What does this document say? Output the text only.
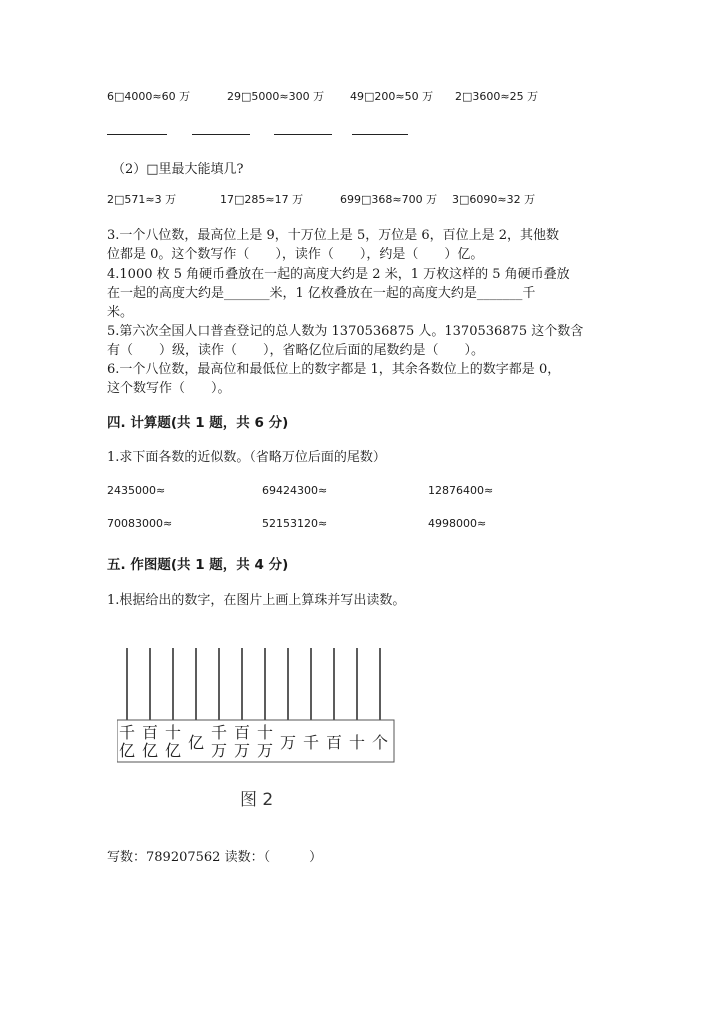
6□4000≈60 万	29□5000≈300 万 49□200≈50 万 2□3600≈25 万
（2）□里最大能填几?
2□571≈3 万	17□285≈17 万	699□368≈700 万 3□6090≈32 万
3.一个八位数，最高位上是 9，十万位上是 5，万位是 6，百位上是 2，其他数
位都是 0。这个数写作（　　），读作（　　），约是（　　）亿。
4.1000 枚 5 角硬币叠放在一起的高度大约是 2 米，1 万枚这样的 5 角硬币叠放
在一起的高度大约是_______米，1 亿枚叠放在一起的高度大约是_______千
米。
5.第六次全国人口普查登记的总人数为 1370536875 人。1370536875 这个数含
有（　　）级，读作（　　），省略亿位后面的尾数约是（　　）。
6.一个八位数，最高位和最低位上的数字都是 1，其余各数位上的数字都是 0，
这个数写作（　　）。
四. 计算题(共 1 题，共 6 分)
1.求下面各数的近似数。（省略万位后面的尾数）
2435000≈	69424300≈	12876400≈
70083000≈	52153120≈	4998000≈
五. 作图题(共 1 题，共 4 分)
1.根据给出的数字，在图片上画上算珠并写出读数。
千
亿
百
亿
十
亿 亿
千
万
百
万
十
万 万 千 百 十 个
图 2
写数：789207562 读数：（　　　）
